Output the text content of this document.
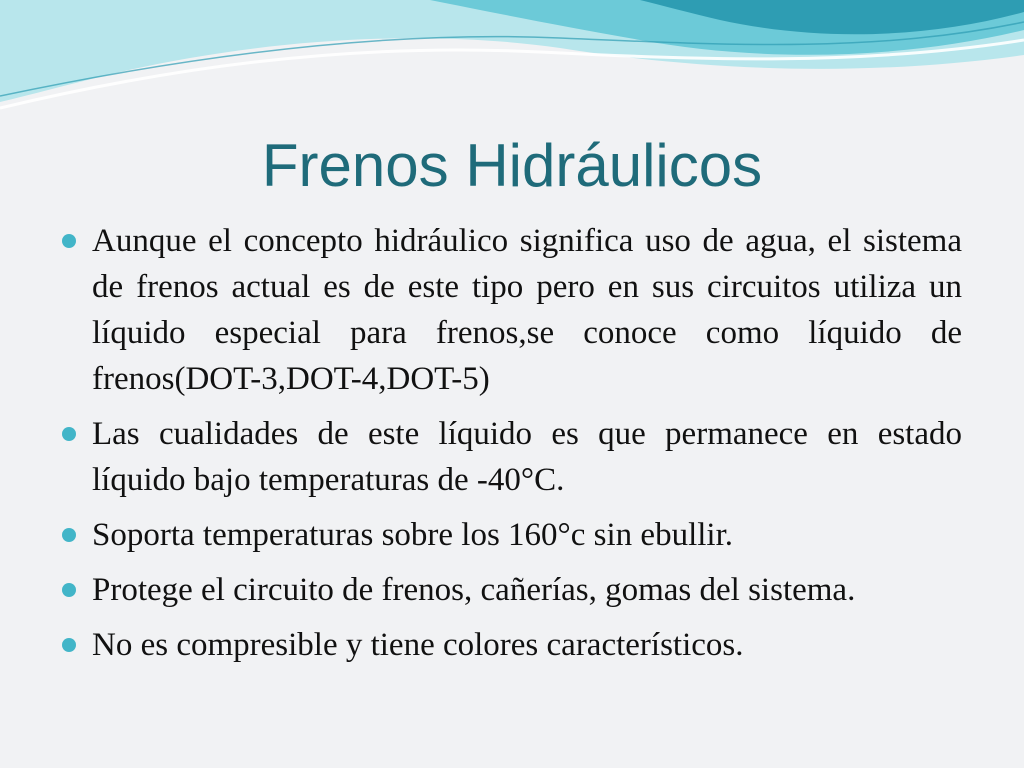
Frenos Hidráulicos
Aunque el concepto hidráulico significa uso de agua, el sistema de frenos actual es de este tipo pero en sus circuitos utiliza un líquido especial para frenos,se conoce como líquido de frenos(DOT-3,DOT-4,DOT-5)
Las cualidades de este líquido es que permanece en estado líquido bajo temperaturas de -40°C.
Soporta temperaturas sobre los 160°c sin ebullir.
Protege el circuito de frenos, cañerías, gomas del sistema.
No es compresible y tiene colores característicos.
